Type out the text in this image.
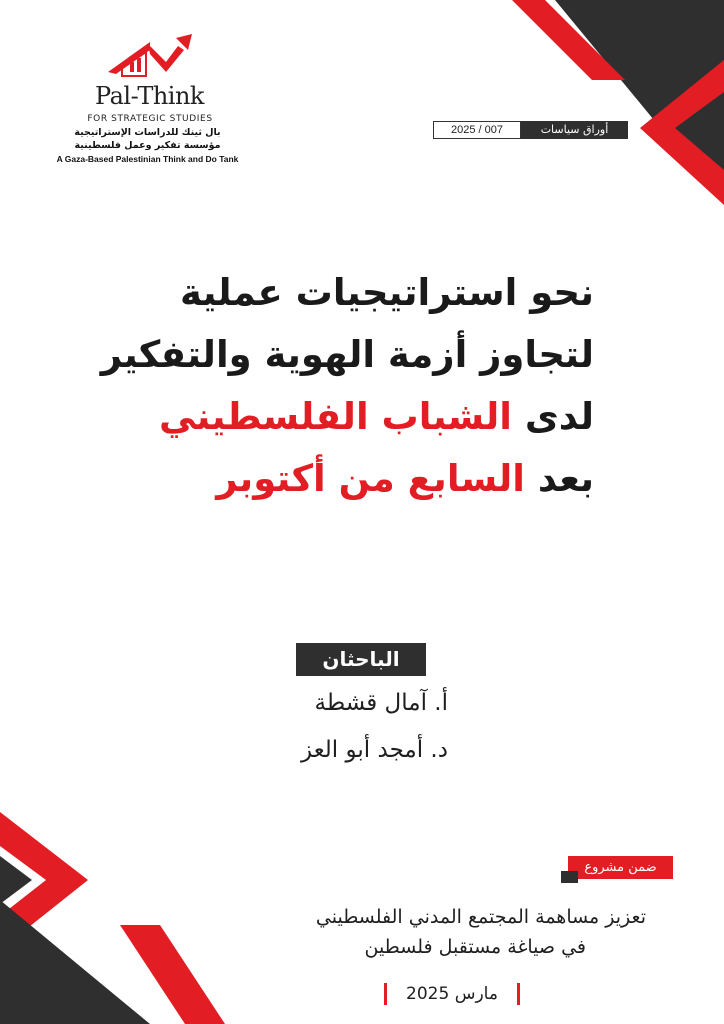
Pal-Think
FOR STRATEGIC STUDIES
بال ثينك للدراسات الإستراتيجية
مؤسسة تفكير وعمل فلسطينية
A Gaza-Based Palestinian Think and Do Tank
2025 / 007	أوراق سياسات
نحو استراتيجيات عملية
لتجاوز أزمة الهوية والتفكير
لدى الشباب الفلسطيني
بعد السابع من أكتوبر
الباحثان
أ. آمال قشطة
د. أمجد أبو العز
ضمن مشروع
تعزيز مساهمة المجتمع المدني الفلسطيني
في صياغة مستقبل فلسطين
مارس 2025
